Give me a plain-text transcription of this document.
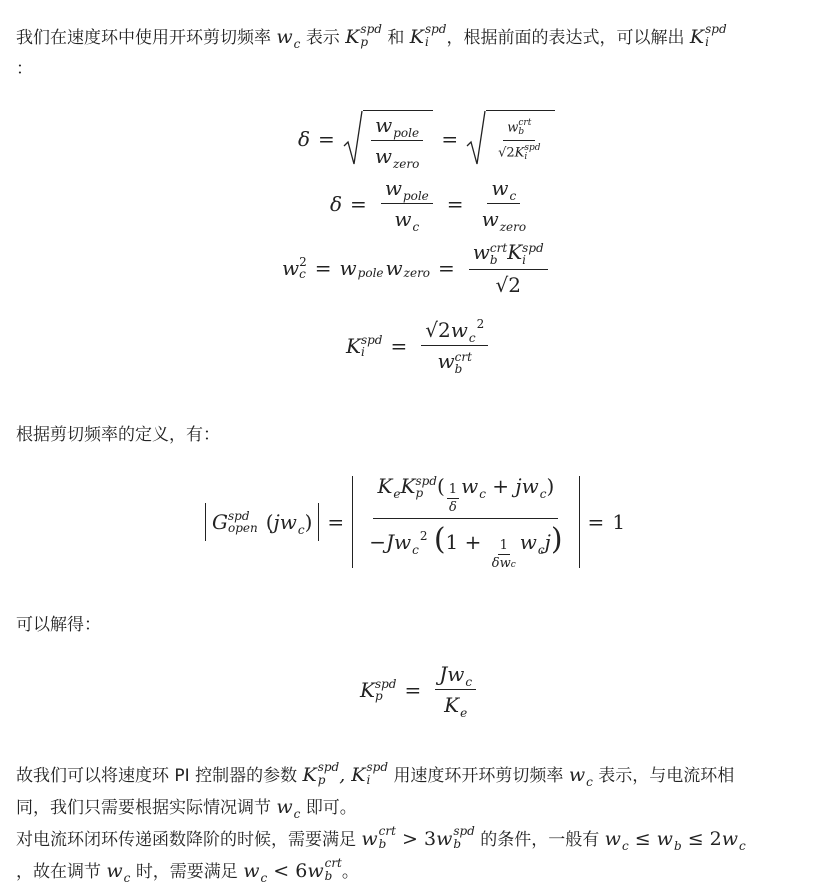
我们在速度环中使用开环剪切频率 $w_c$ 表示 K spd
p	和 K spd
i	，根据前面的表达式，可以解出 K spd
i
：
$\delta = \frac{w_{pole}}{w_{zero}}$ =	w crt
b
√2K spd
i
$\delta = \frac{w_{pole}}{w_c} = \frac{w_c}{w_{zero}}$
w 2
c = w pole w zero = w crt
b K spd
i
√2
K spd
i	= $√2w_c^2$
w crt
b
根据剪切频率的定义，有：
G spd
open $(jw_c) = K_eK$ spd
p ( $\frac{1}{\delta} w_c + jw_c$)
$-Jw_c^2$ $(1 + \frac{1}{\text{δwc}} w_cj) = 1$
可以解得：
K spd
p	= $\frac{Jw_c}{K_e}$
故我们可以将速度环 PI 控制器的参数 K spd
p , K spd
i	用速度环开环剪切频率 $w_c$ 表示，与电流环相
同，我们只需要根据实际情况调节 $w_c$ 即可。
对电流环闭环传递函数降阶的时候，需要满足 w crt
b > 3w spd
b	的条件，一般有 $w_c \le w_b \le 2w_c$
，故在调节 $w_c$ 时，需要满足 $w_c < 6w$ crt
b 。
